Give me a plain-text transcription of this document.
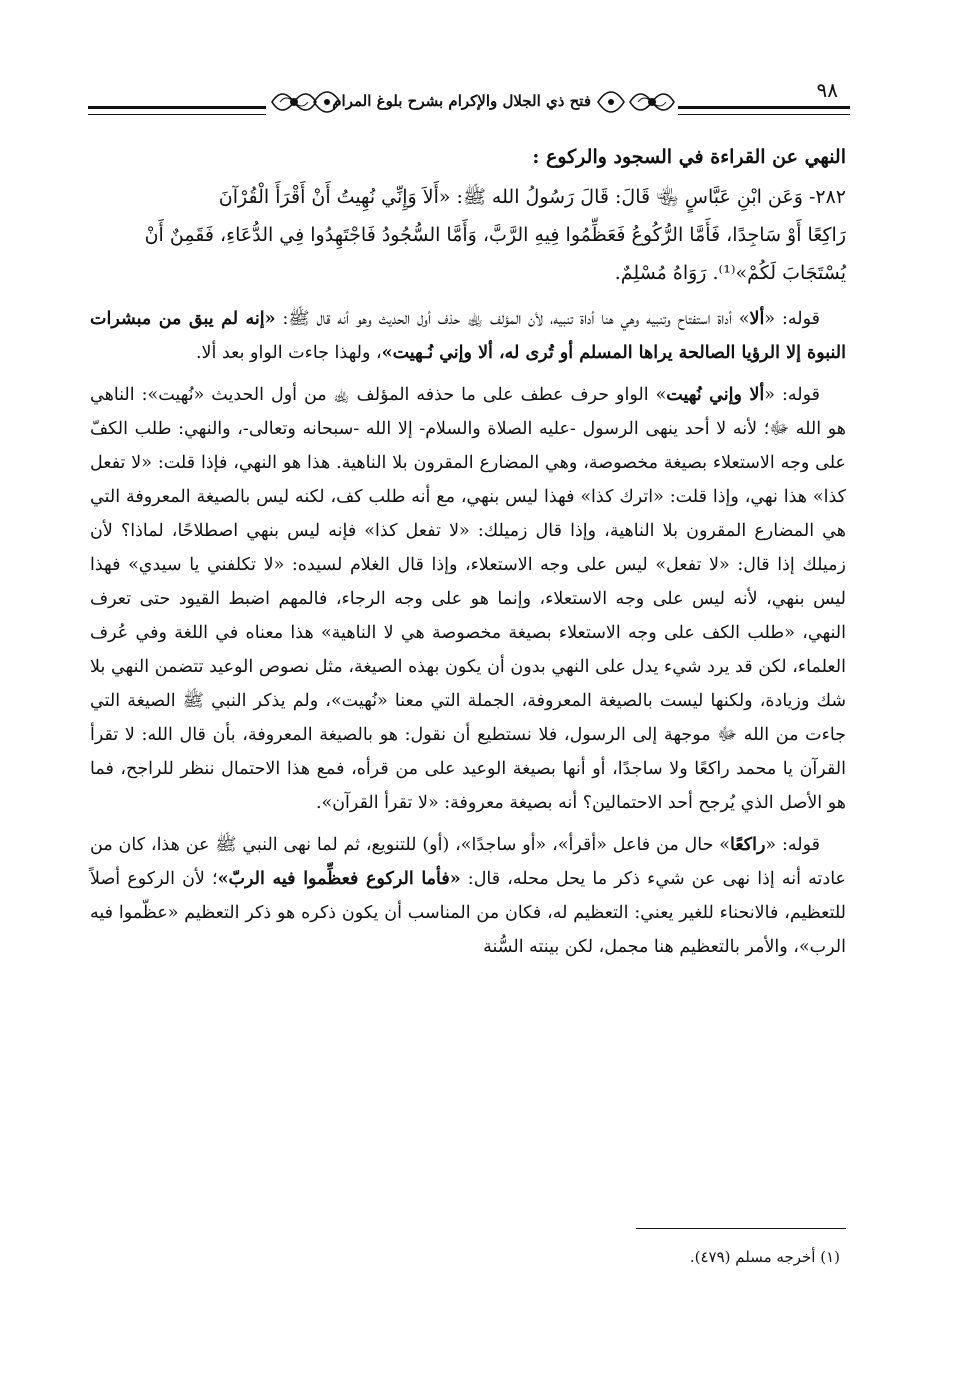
٩٨
فتح ذي الجلال والإكرام بشرح بلوغ المرام

النهي عن القراءة في السجود والركوع :

٢٨٢- وَعَن ابْنِ عَبَّاسٍ ﵄ قَالَ: قَالَ رَسُولُ الله ﷺ: «أَلاَ وَإِنِّي نُهِيتُ أَنْ أَقْرَأَ الْقُرْآنَ
رَاكِعًا أَوْ سَاجِدًا، فَأَمَّا الرُّكُوعُ فَعَظِّمُوا فِيهِ الرَّبَّ، وَأَمَّا السُّجُودُ فَاجْتَهِدُوا فِي الدُّعَاءِ، فَقَمِنٌ أَنْ
يُسْتَجَابَ لَكُمْ»⁽¹⁾. رَوَاهُ مُسْلِمٌ.

قوله: «ألا» أداة استفتاح وتنبيه وهي هنا أداة تنبيه، لأن المؤلف ﵀ حذف أول الحديث وهو أنه قال ﷺ: «إنه لم يبق من مبشرات النبوة إلا الرؤيا الصالحة يراها المسلم أو تُرى له، ألا وإني نُـهيت»، ولهذا جاءت الواو بعد ألا.

قوله: «ألا وإني نُهيت» الواو حرف عطف على ما حذفه المؤلف ﵀ من أول الحديث «نُهيت»: الناهي هو الله ﷻ؛ لأنه لا أحد ينهى الرسول -عليه الصلاة والسلام- إلا الله -سبحانه وتعالى-، والنهي: طلب الكفّ على وجه الاستعلاء بصيغة مخصوصة، وهي المضارع المقرون بلا الناهية. هذا هو النهي، فإذا قلت: «لا تفعل كذا» هذا نهي، وإذا قلت: «اترك كذا» فهذا ليس بنهي، مع أنه طلب كف، لكنه ليس بالصيغة المعروفة التي هي المضارع المقرون بلا الناهية، وإذا قال زميلك: «لا تفعل كذا» فإنه ليس بنهي اصطلاحًا، لماذا؟ لأن زميلك إذا قال: «لا تفعل» ليس على وجه الاستعلاء، وإذا قال الغلام لسيده: «لا تكلفني يا سيدي» فهذا ليس بنهي، لأنه ليس على وجه الاستعلاء، وإنما هو على وجه الرجاء، فالمهم اضبط القيود حتى تعرف النهي، «طلب الكف على وجه الاستعلاء بصيغة مخصوصة هي لا الناهية» هذا معناه في اللغة وفي عُرف العلماء، لكن قد يرد شيء يدل على النهي بدون أن يكون بهذه الصيغة، مثل نصوص الوعيد تتضمن النهي بلا شك وزيادة، ولكنها ليست بالصيغة المعروفة، الجملة التي معنا «نُهيت»، ولم يذكر النبي ﷺ الصيغة التي جاءت من الله ﷻ موجهة إلى الرسول، فلا نستطيع أن نقول: هو بالصيغة المعروفة، بأن قال الله: لا تقرأ القرآن يا محمد راكعًا ولا ساجدًا، أو أنها بصيغة الوعيد على من قرأه، فمع هذا الاحتمال ننظر للراجح، فما هو الأصل الذي يُرجح أحد الاحتمالين؟ أنه بصيغة معروفة: «لا تقرأ القرآن».

قوله: «راكعًا» حال من فاعل «أقرأ»، «أو ساجدًا»، (أو) للتنويع، ثم لما نهى النبي ﷺ عن هذا، كان من عادته أنه إذا نهى عن شيء ذكر ما يحل محله، قال: «فأما الركوع فعظِّموا فيه الربّ»؛ لأن الركوع أصلاً للتعظيم، فالانحناء للغير يعني: التعظيم له، فكان من المناسب أن يكون ذكره هو ذكر التعظيم «عظّموا فيه الرب»، والأمر بالتعظيم هنا مجمل، لكن بينته السُّنة

(١) أخرجه مسلم (٤٧٩).
